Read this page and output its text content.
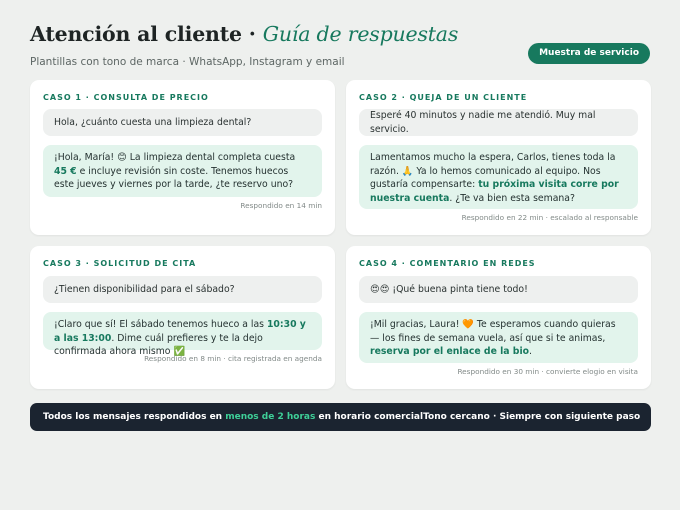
Atención al cliente · Guía de respuestas
Plantillas con tono de marca · WhatsApp, Instagram y email
Muestra de servicio
CASO 1 · CONSULTA DE PRECIO
Hola, ¿cuánto cuesta una limpieza dental?
¡Hola, María! 😊 La limpieza dental completa cuesta 45 € e incluye revisión sin coste. Tenemos huecos este jueves y viernes por la tarde, ¿te reservo uno?
Respondido en 14 min
CASO 2 · QUEJA DE UN CLIENTE
Esperé 40 minutos y nadie me atendió. Muy mal servicio.
Lamentamos mucho la espera, Carlos, tienes toda la razón. 🙏 Ya lo hemos comunicado al equipo. Nos gustaría compensarte: tu próxima visita corre por nuestra cuenta. ¿Te va bien esta semana?
Respondido en 22 min · escalado al responsable
CASO 3 · SOLICITUD DE CITA
¿Tienen disponibilidad para el sábado?
¡Claro que sí! El sábado tenemos hueco a las 10:30 y a las 13:00. Dime cuál prefieres y te la dejo confirmada ahora mismo ✅
Respondido en 8 min · cita registrada en agenda
CASO 4 · COMENTARIO EN REDES
😍😍 ¡Qué buena pinta tiene todo!
¡Mil gracias, Laura! 🧡 Te esperamos cuando quieras — los fines de semana vuela, así que si te animas, reserva por el enlace de la bio.
Respondido en 30 min · convierte elogio en visita
Todos los mensajes respondidos en menos de 2 horas en horario comercial Tono cercano · Siempre con siguiente paso
